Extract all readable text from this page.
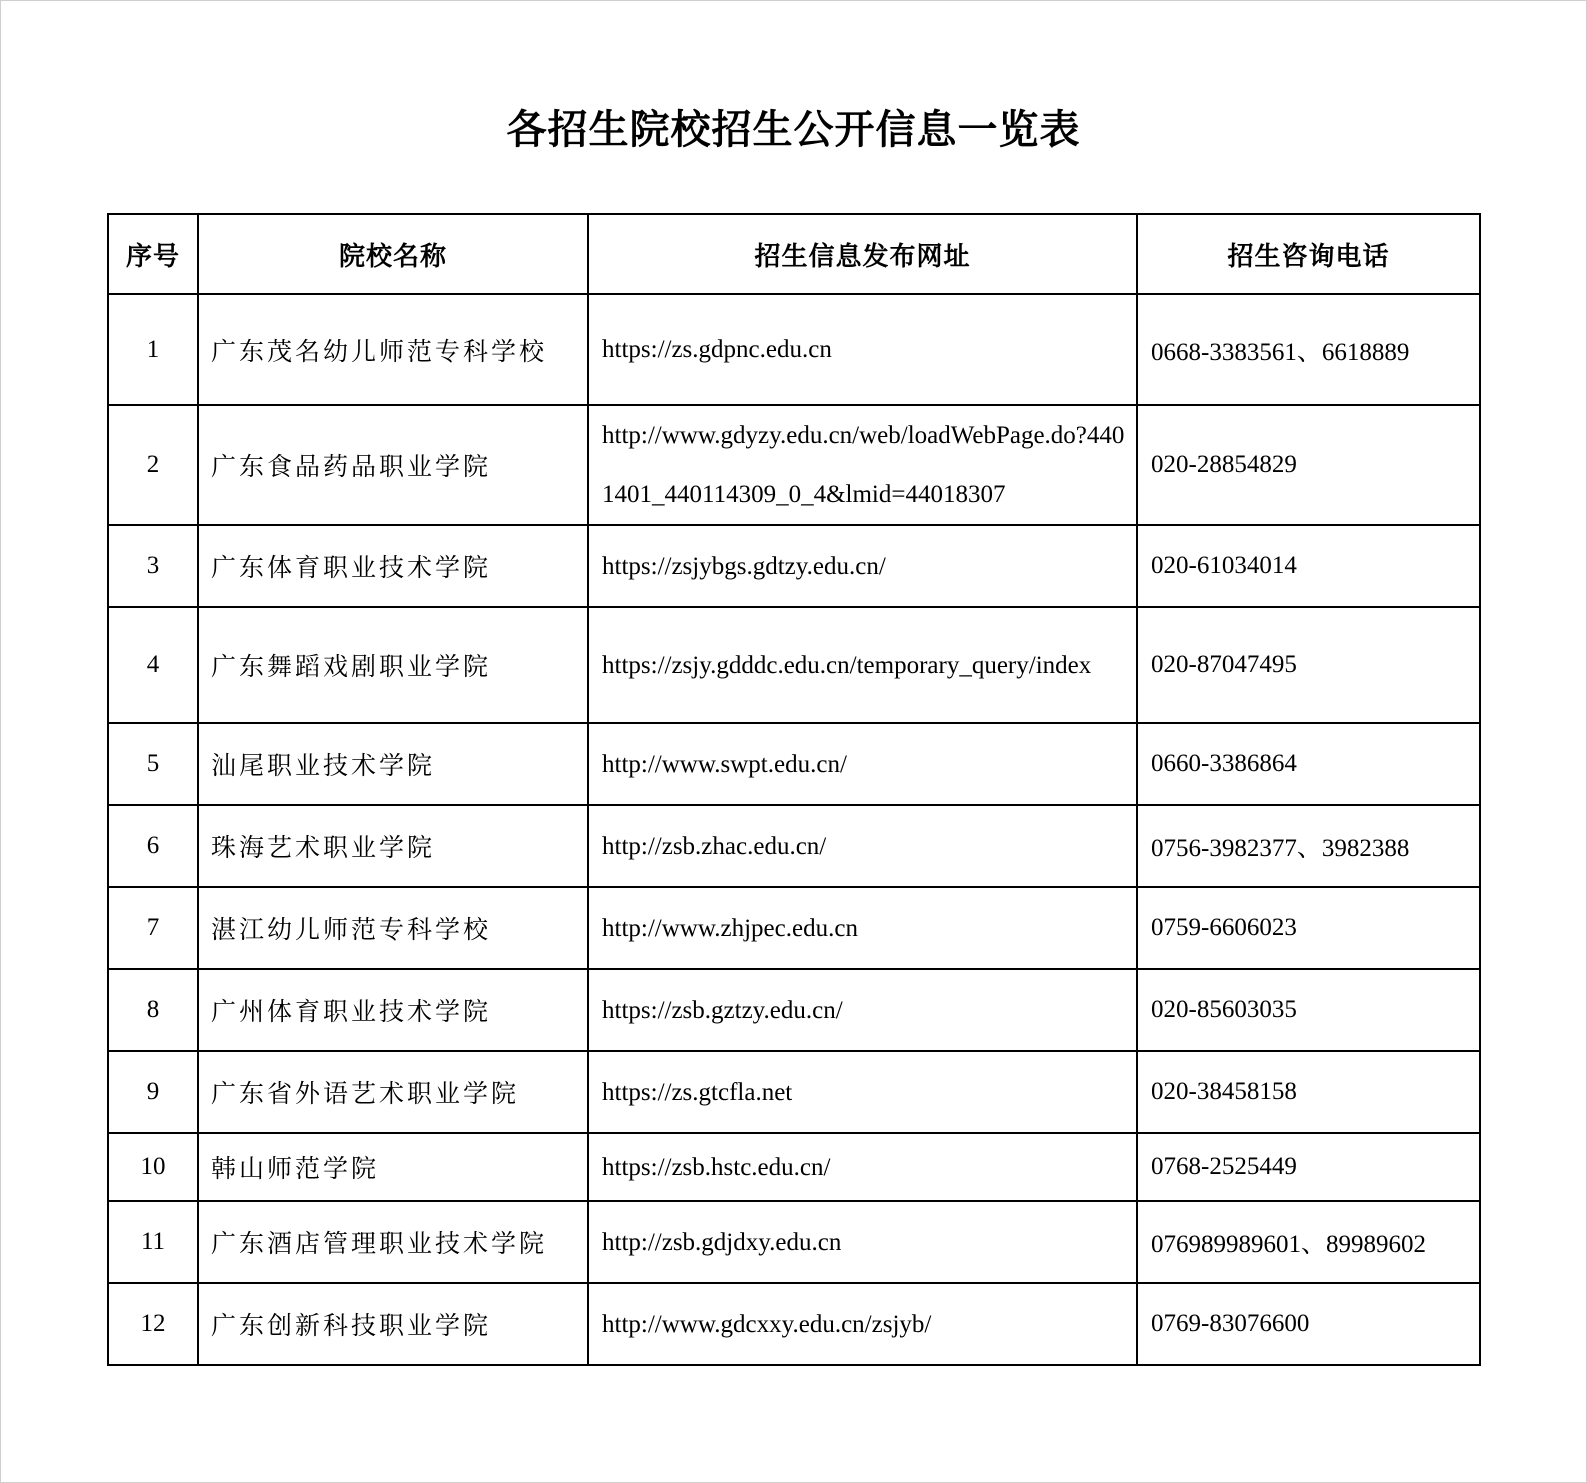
各招生院校招生公开信息一览表
序号	院校名称	招生信息发布网址	招生咨询电话
1	广东茂名幼儿师范专科学校	https://zs.gdpnc.edu.cn	0668-3383561、6618889
2	广东食品药品职业学院	http://www.gdyzy.edu.cn/web/loadWebPage.do?4401401_440114309_0_4&lmid=44018307	020-28854829
3	广东体育职业技术学院	https://zsjybgs.gdtzy.edu.cn/	020-61034014
4	广东舞蹈戏剧职业学院	https://zsjy.gdddc.edu.cn/temporary_query/index	020-87047495
5	汕尾职业技术学院	http://www.swpt.edu.cn/	0660-3386864
6	珠海艺术职业学院	http://zsb.zhac.edu.cn/	0756-3982377、3982388
7	湛江幼儿师范专科学校	http://www.zhjpec.edu.cn	0759-6606023
8	广州体育职业技术学院	https://zsb.gztzy.edu.cn/	020-85603035
9	广东省外语艺术职业学院	https://zs.gtcfla.net	020-38458158
10	韩山师范学院	https://zsb.hstc.edu.cn/	0768-2525449
11	广东酒店管理职业技术学院	http://zsb.gdjdxy.edu.cn	076989989601、89989602
12	广东创新科技职业学院	http://www.gdcxxy.edu.cn/zsjyb/	0769-83076600
